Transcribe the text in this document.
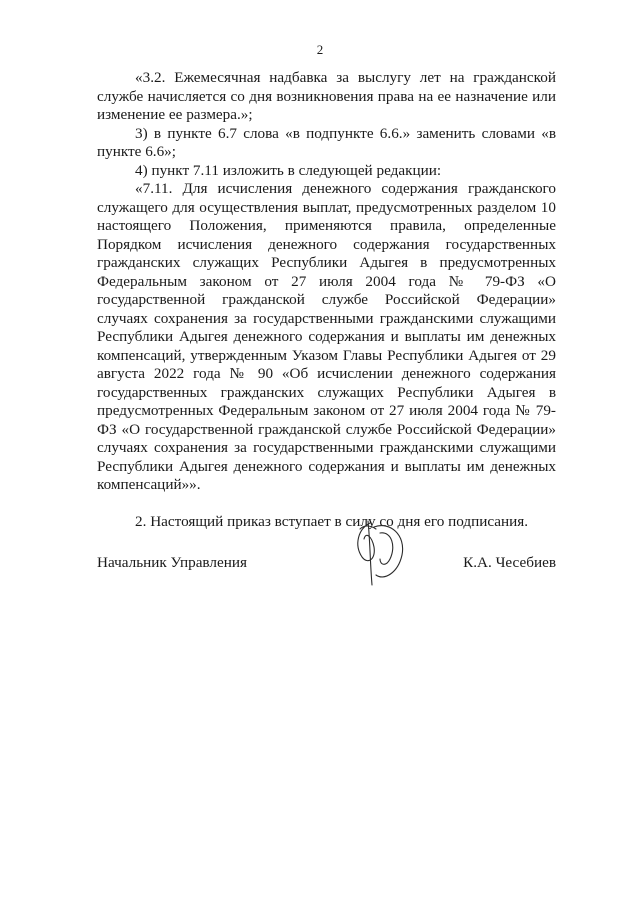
2

«3.2. Ежемесячная надбавка за выслугу лет на гражданской службе начисляется со дня возникновения права на ее назначение или изменение ее размера.»;

3) в пункте 6.7 слова «в подпункте 6.6.» заменить словами «в пункте 6.6»;

4) пункт 7.11 изложить в следующей редакции:

«7.11. Для исчисления денежного содержания гражданского служащего для осуществления выплат, предусмотренных разделом 10 настоящего Положения, применяются правила, определенные Порядком исчисления денежного содержания государственных гражданских служащих Республики Адыгея в предусмотренных Федеральным законом от 27 июля 2004 года № 79-ФЗ «О государственной гражданской службе Российской Федерации» случаях сохранения за государственными гражданскими служащими Республики Адыгея денежного содержания и выплаты им денежных компенсаций, утвержденным Указом Главы Республики Адыгея от 29 августа 2022 года № 90 «Об исчислении денежного содержания государственных гражданских служащих Республики Адыгея в предусмотренных Федеральным законом от 27 июля 2004 года № 79-ФЗ «О государственной гражданской службе Российской Федерации» случаях сохранения за государственными гражданскими служащими Республики Адыгея денежного содержания и выплаты им денежных компенсаций»».

2. Настоящий приказ вступает в силу со дня его подписания.

Начальник Управления	К.А. Чесебиев
